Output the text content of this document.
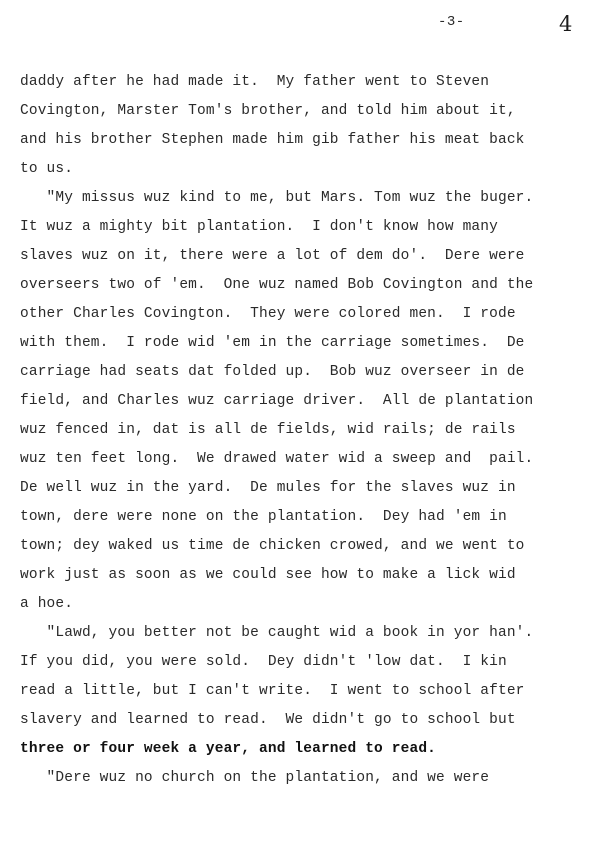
-3-	4

daddy after he had made it.  My father went to Steven

Covington, Marster Tom's brother, and told him about it,

and his brother Stephen made him gib father his meat back

to us.

"My missus wuz kind to me, but Mars. Tom wuz the buger.

It wuz a mighty bit plantation.  I don't know how many

slaves wuz on it, there were a lot of dem do'.  Dere were

overseers two of 'em.  One wuz named Bob Covington and the

other Charles Covington.  They were colored men.  I rode

with them.  I rode wid 'em in the carriage sometimes.  De

carriage had seats dat folded up.  Bob wuz overseer in de

field, and Charles wuz carriage driver.  All de plantation

wuz fenced in, dat is all de fields, wid rails; de rails

wuz ten feet long.  We drawed water wid a sweep and  pail.

De well wuz in the yard.  De mules for the slaves wuz in

town, dere were none on the plantation.  Dey had 'em in

town; dey waked us time de chicken crowed, and we went to

work just as soon as we could see how to make a lick wid

a hoe.

"Lawd, you better not be caught wid a book in yor han'.

If you did, you were sold.  Dey didn't 'low dat.  I kin

read a little, but I can't write.  I went to school after

slavery and learned to read.  We didn't go to school but

three or four week a year, and learned to read.

"Dere wuz no church on the plantation, and we were
